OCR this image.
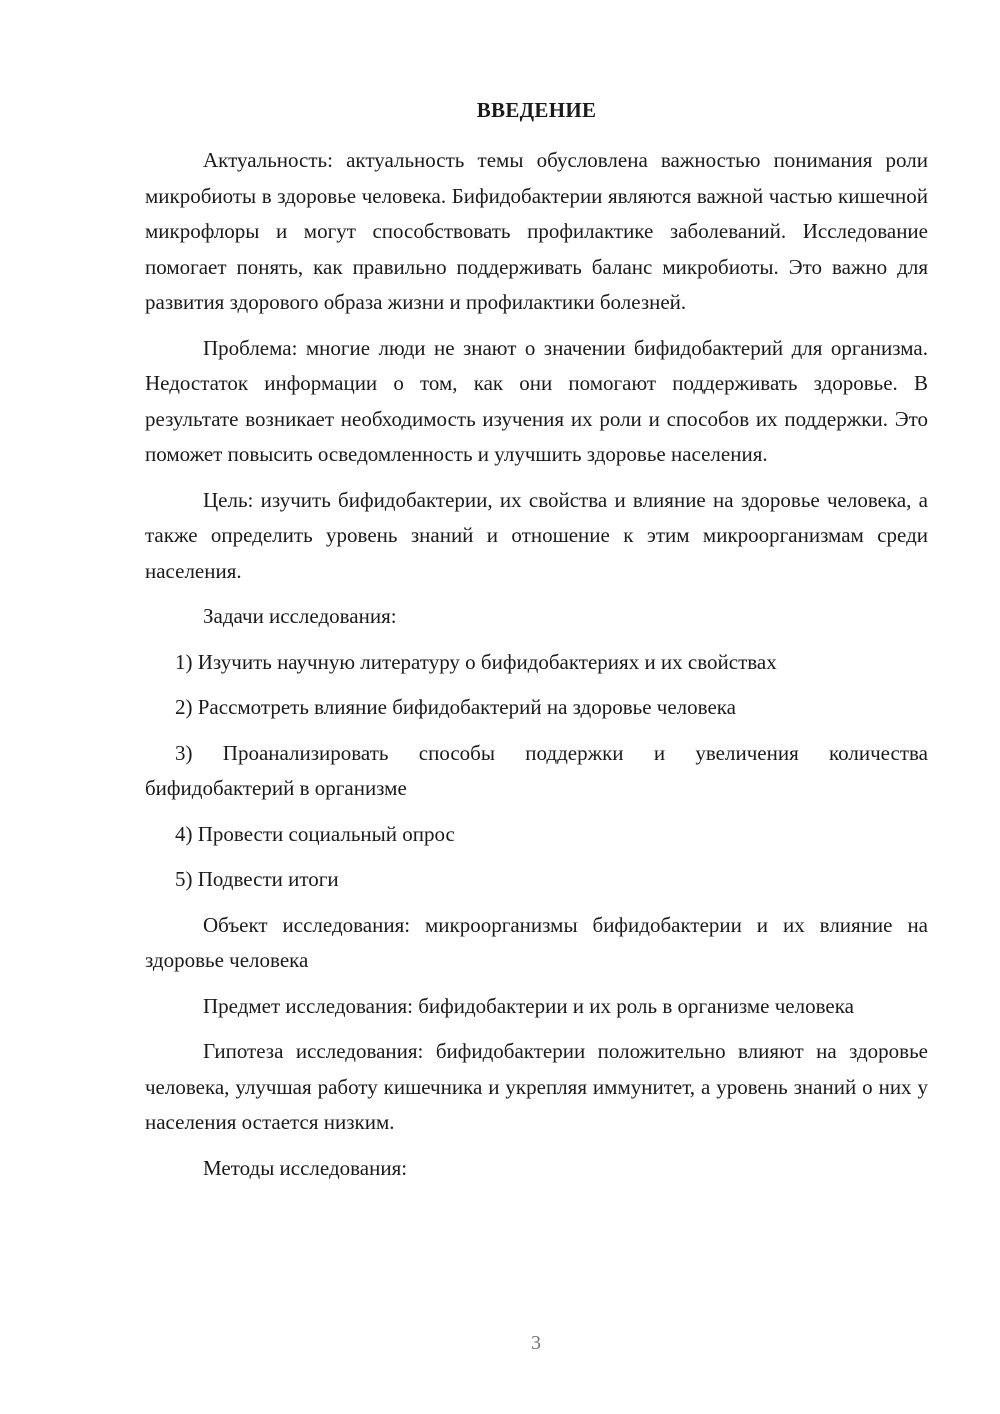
ВВЕДЕНИЕ

Актуальность: актуальность темы обусловлена важностью понимания роли микробиоты в здоровье человека. Бифидобактерии являются важной частью кишечной микрофлоры и могут способствовать профилактике заболеваний. Исследование помогает понять, как правильно поддерживать баланс микробиоты. Это важно для развития здорового образа жизни и профилактики болезней.

Проблема: многие люди не знают о значении бифидобактерий для организма. Недостаток информации о том, как они помогают поддерживать здоровье. В результате возникает необходимость изучения их роли и способов их поддержки. Это поможет повысить осведомленность и улучшить здоровье населения.

Цель: изучить бифидобактерии, их свойства и влияние на здоровье человека, а также определить уровень знаний и отношение к этим микроорганизмам среди населения.

Задачи исследования:

1) Изучить научную литературу о бифидобактериях и их свойствах

2) Рассмотреть влияние бифидобактерий на здоровье человека

3) Проанализировать способы поддержки и увеличения количества бифидобактерий в организме

4) Провести социальный опрос

5) Подвести итоги

Объект исследования: микроорганизмы бифидобактерии и их влияние на здоровье человека

Предмет исследования: бифидобактерии и их роль в организме человека

Гипотеза исследования: бифидобактерии положительно влияют на здоровье человека, улучшая работу кишечника и укрепляя иммунитет, а уровень знаний о них у населения остается низким.

Методы исследования:

3
